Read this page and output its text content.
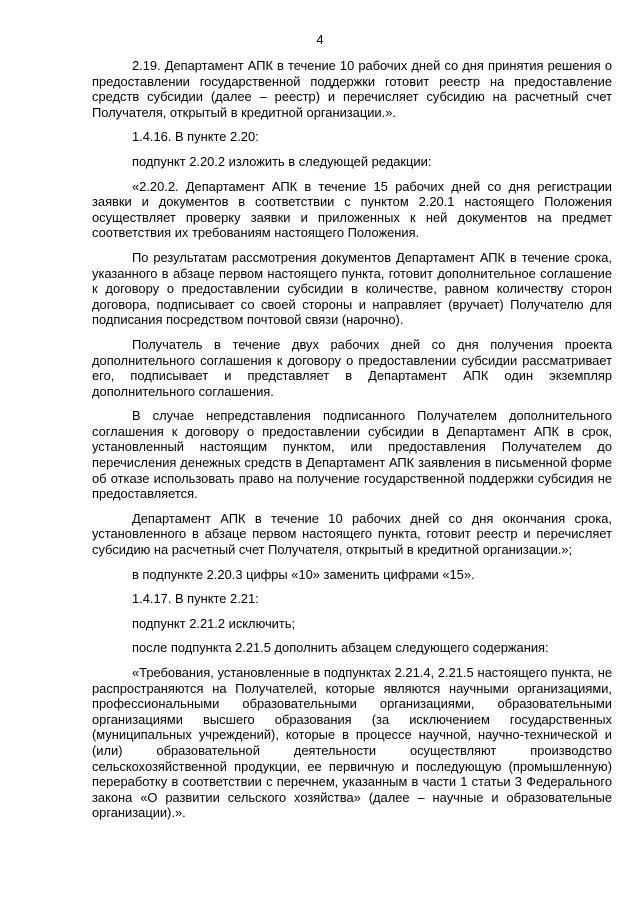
4

2.19. Департамент АПК в течение 10 рабочих дней со дня принятия решения о предоставлении государственной поддержки готовит реестр на предоставление средств субсидии (далее – реестр) и перечисляет субсидию на расчетный счет Получателя, открытый в кредитной организации.».

1.4.16. В пункте 2.20:

подпункт 2.20.2 изложить в следующей редакции:

«2.20.2. Департамент АПК в течение 15 рабочих дней со дня регистрации заявки и документов в соответствии с пунктом 2.20.1 настоящего Положения осуществляет проверку заявки и приложенных к ней документов на предмет соответствия их требованиям настоящего Положения.

По результатам рассмотрения документов Департамент АПК в течение срока, указанного в абзаце первом настоящего пункта, готовит дополнительное соглашение к договору о предоставлении субсидии в количестве, равном количеству сторон договора, подписывает со своей стороны и направляет (вручает) Получателю для подписания посредством почтовой связи (нарочно).

Получатель в течение двух рабочих дней со дня получения проекта дополнительного соглашения к договору о предоставлении субсидии рассматривает его, подписывает и представляет в Департамент АПК один экземпляр дополнительного соглашения.

В случае непредставления подписанного Получателем дополнительного соглашения к договору о предоставлении субсидии в Департамент АПК в срок, установленный настоящим пунктом, или предоставления Получателем до перечисления денежных средств в Департамент АПК заявления в письменной форме об отказе использовать право на получение государственной поддержки субсидия не предоставляется.

Департамент АПК в течение 10 рабочих дней со дня окончания срока, установленного в абзаце первом настоящего пункта, готовит реестр и перечисляет субсидию на расчетный счет Получателя, открытый в кредитной организации.»;

в подпункте 2.20.3 цифры «10» заменить цифрами «15».

1.4.17. В пункте 2.21:

подпункт 2.21.2 исключить;

после подпункта 2.21.5 дополнить абзацем следующего содержания:

«Требования, установленные в подпунктах 2.21.4, 2.21.5 настоящего пункта, не распространяются на Получателей, которые являются научными организациями, профессиональными образовательными организациями, образовательными организациями высшего образования (за исключением государственных (муниципальных учреждений), которые в процессе научной, научно-технической и (или) образовательной деятельности осуществляют производство сельскохозяйственной продукции, ее первичную и последующую (промышленную) переработку в соответствии с перечнем, указанным в части 1 статьи 3 Федерального закона «О развитии сельского хозяйства» (далее – научные и образовательные организации).».
